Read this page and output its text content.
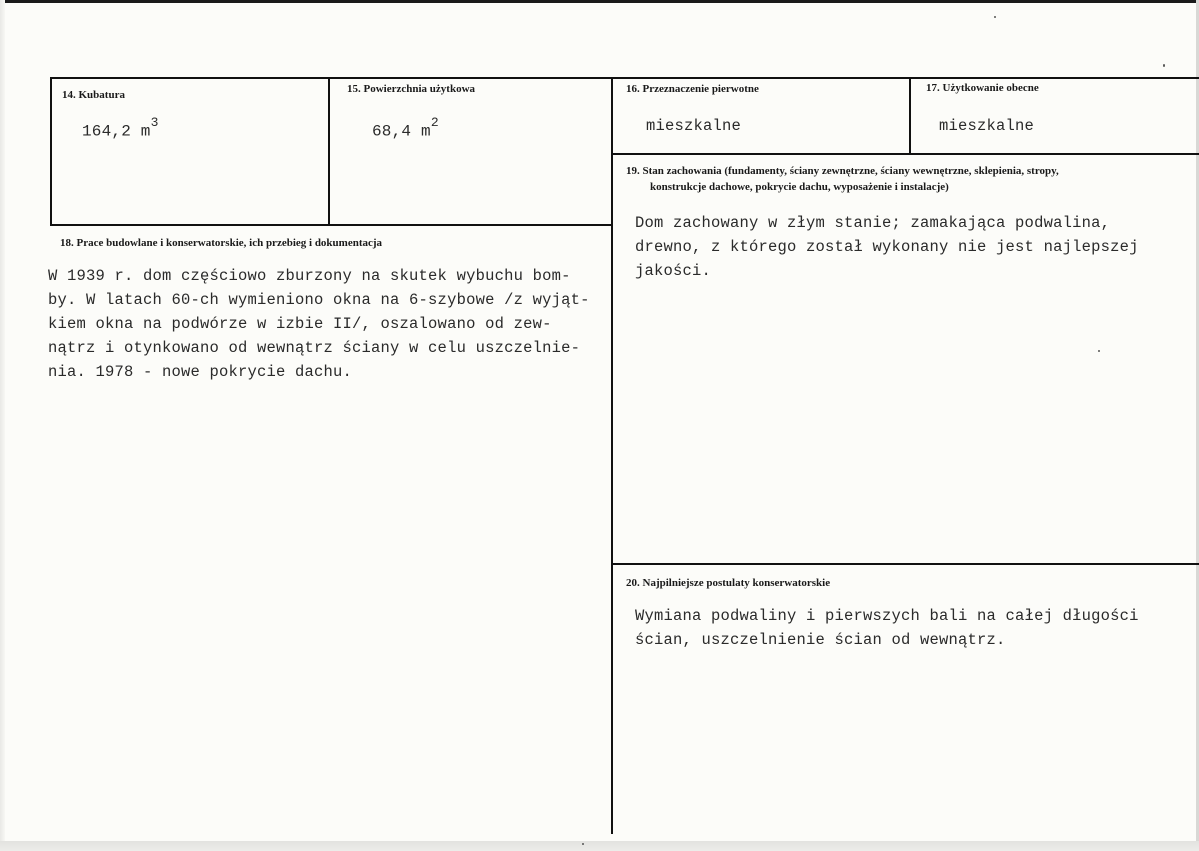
14. Kubatura
164,2 $m^3$
15. Powierzchnia użytkowa
68,4 $m^2$
16. Przeznaczenie pierwotne
mieszkalne
17. Użytkowanie obecne
mieszkalne
18. Prace budowlane i konserwatorskie, ich przebieg i dokumentacja
W 1939 r. dom częściowo zburzony na skutek wybuchu bom-
by. W latach 60-ch wymieniono okna na 6-szybowe /z wyjąt-
kiem okna na podwórze w izbie II/, oszalowano od zew-
nątrz i otynkowano od wewnątrz ściany w celu uszczelnie-
nia. 1978 - nowe pokrycie dachu.
19. Stan zachowania (fundamenty, ściany zewnętrzne, ściany wewnętrzne, sklepienia, stropy,
konstrukcje dachowe, pokrycie dachu, wyposażenie i instalacje)
Dom zachowany w złym stanie; zamakająca podwalina,
drewno, z którego został wykonany nie jest najlepszej
jakości.
20. Najpilniejsze postulaty konserwatorskie
Wymiana podwaliny i pierwszych bali na całej długości
ścian, uszczelnienie ścian od wewnątrz.
